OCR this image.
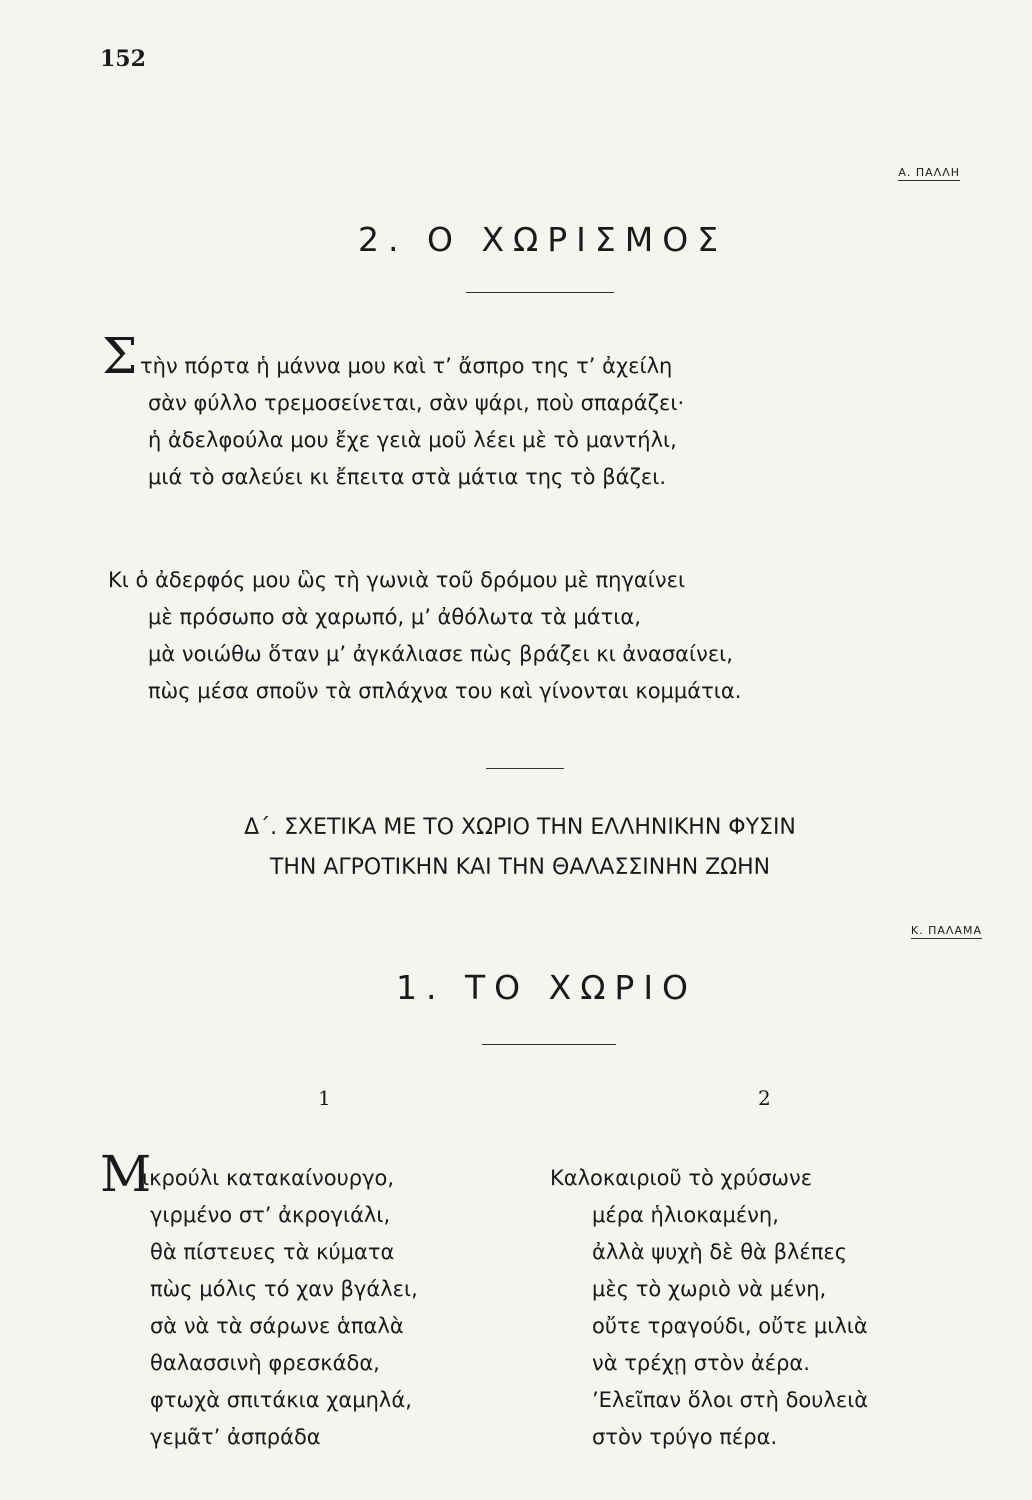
152
Α. ΠΑΛΛΗ
2. Ο ΧΩΡΙΣΜΟΣ
Σ τὴν πόρτα ἡ μάννα μου καὶ τ’ ἄσπρο της τ’ ἀχείλη
σὰν φύλλο τρεμοσείνεται, σὰν ψάρι, ποὺ σπαράζει·
ἡ ἀδελφούλα μου ἔχε γειὰ μοῦ λέει μὲ τὸ μαντήλι,
μιά τὸ σαλεύει κι ἔπειτα στὰ μάτια της τὸ βάζει.
Κι ὁ ἀδερφός μου ὣς τὴ γωνιὰ τοῦ δρόμου μὲ πηγαίνει
μὲ πρόσωπο σὰ χαρωπό, μ’ ἀθόλωτα τὰ μάτια,
μὰ νοιώθω ὅταν μ’ ἀγκάλιασε πὼς βράζει κι ἀνασαίνει,
πὼς μέσα σποῦν τὰ σπλάχνα του καὶ γίνονται κομμάτια.
Δ΄. ΣΧΕΤΙΚΑ ΜΕ ΤΟ ΧΩΡΙΟ ΤΗΝ ΕΛΛΗΝΙΚΗΝ ΦΥΣΙΝ
ΤΗΝ ΑΓΡΟΤΙΚΗΝ ΚΑΙ ΤΗΝ ΘΑΛΑΣΣΙΝΗΝ ΖΩΗΝ
Κ. ΠΑΛΑΜΑ
1. ΤΟ ΧΩΡΙΟ
1	2
Μ
ικρούλι κατακαίνουργο,
γιρμένο στ’ ἀκρογιάλι,
θὰ πίστευες τὰ κύματα
πὼς μόλις τό χαν βγάλει,
σὰ νὰ τὰ σάρωνε ἁπαλὰ
θαλασσινὴ φρεσκάδα,
φτωχὰ σπιτάκια χαμηλά,
γεμᾶτ’ ἀσπράδα
Καλοκαιριοῦ τὸ χρύσωνε
μέρα ἡλιοκαμένη,
ἀλλὰ ψυχὴ δὲ θὰ βλέπες
μὲς τὸ χωριὸ νὰ μένη,
οὔτε τραγούδι, οὔτε μιλιὰ
νὰ τρέχῃ στὸν ἀέρα.
’Ελεῖπαν ὅλοι στὴ δουλειὰ
στὸν τρύγο πέρα.
